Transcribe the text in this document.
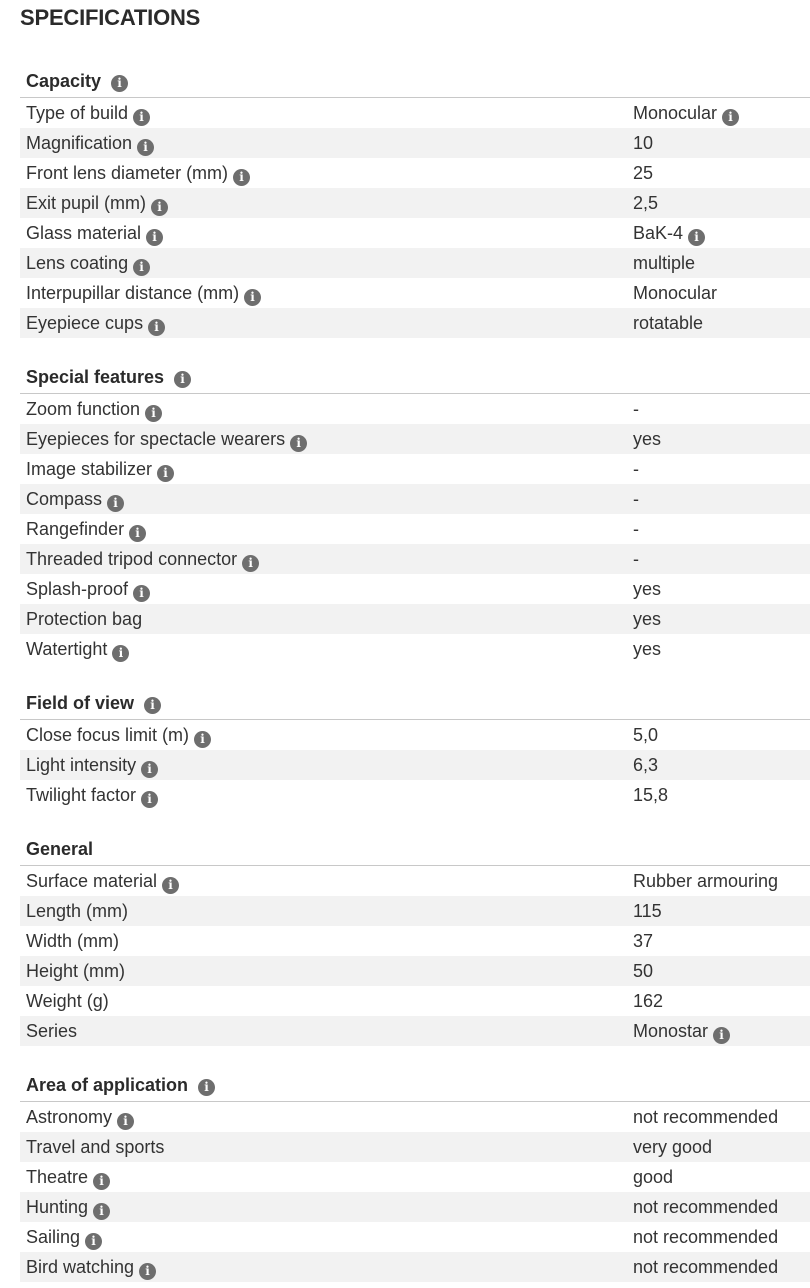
SPECIFICATIONS
Capacity i
Type of build i	Monocular i
Magnification i	10
Front lens diameter (mm) i	25
Exit pupil (mm) i	2,5
Glass material i	BaK-4 i
Lens coating i	multiple
Interpupillar distance (mm) i	Monocular
Eyepiece cups i	rotatable
Special features i
Zoom function i	-
Eyepieces for spectacle wearers i	yes
Image stabilizer i	-
Compass i	-
Rangefinder i	-
Threaded tripod connector i	-
Splash-proof i	yes
Protection bag	yes
Watertight i	yes
Field of view i
Close focus limit (m) i	5,0
Light intensity i	6,3
Twilight factor i	15,8
General
Surface material i	Rubber armouring
Length (mm)	115
Width (mm)	37
Height (mm)	50
Weight (g)	162
Series	Monostar i
Area of application i
Astronomy i	not recommended
Travel and sports	very good
Theatre i	good
Hunting i	not recommended
Sailing i	not recommended
Bird watching i	not recommended
